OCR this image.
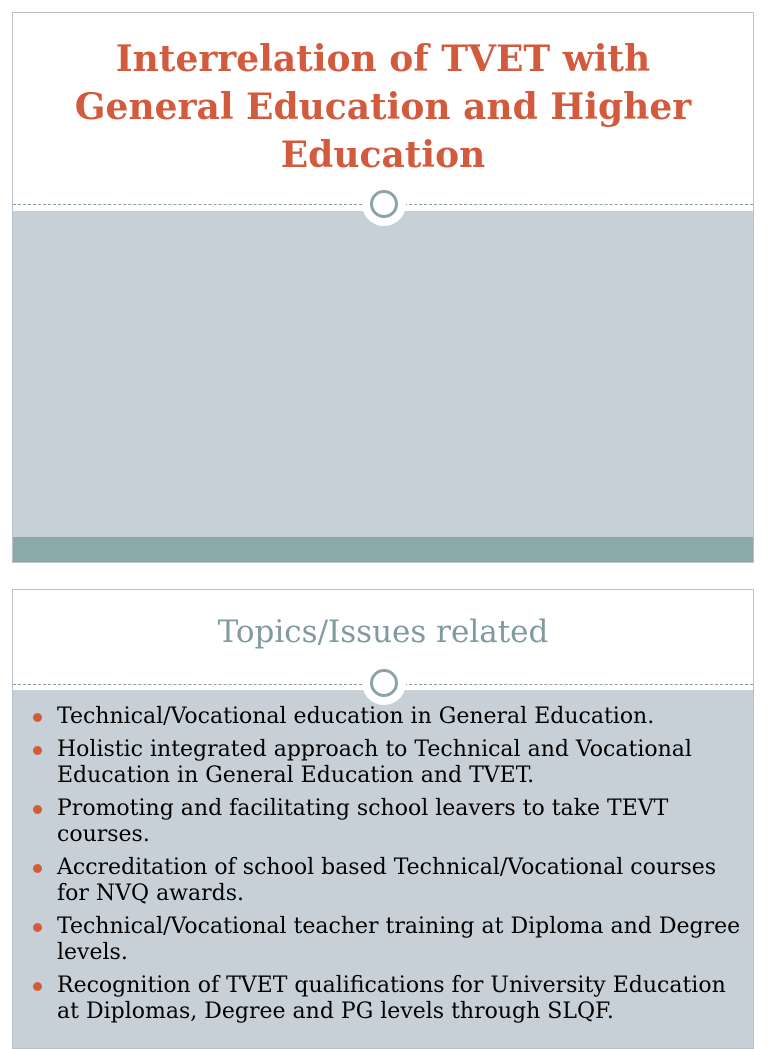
Interrelation of TVET with General Education and Higher Education
Topics/Issues related
Technical/Vocational education in General Education.
Holistic integrated approach to Technical and Vocational Education in General Education and TVET.
Promoting and facilitating school leavers to take TEVT courses.
Accreditation of school based Technical/Vocational courses for NVQ awards.
Technical/Vocational teacher training at Diploma and Degree levels.
Recognition of TVET qualifications for University Education at Diplomas, Degree and PG levels through SLQF.
